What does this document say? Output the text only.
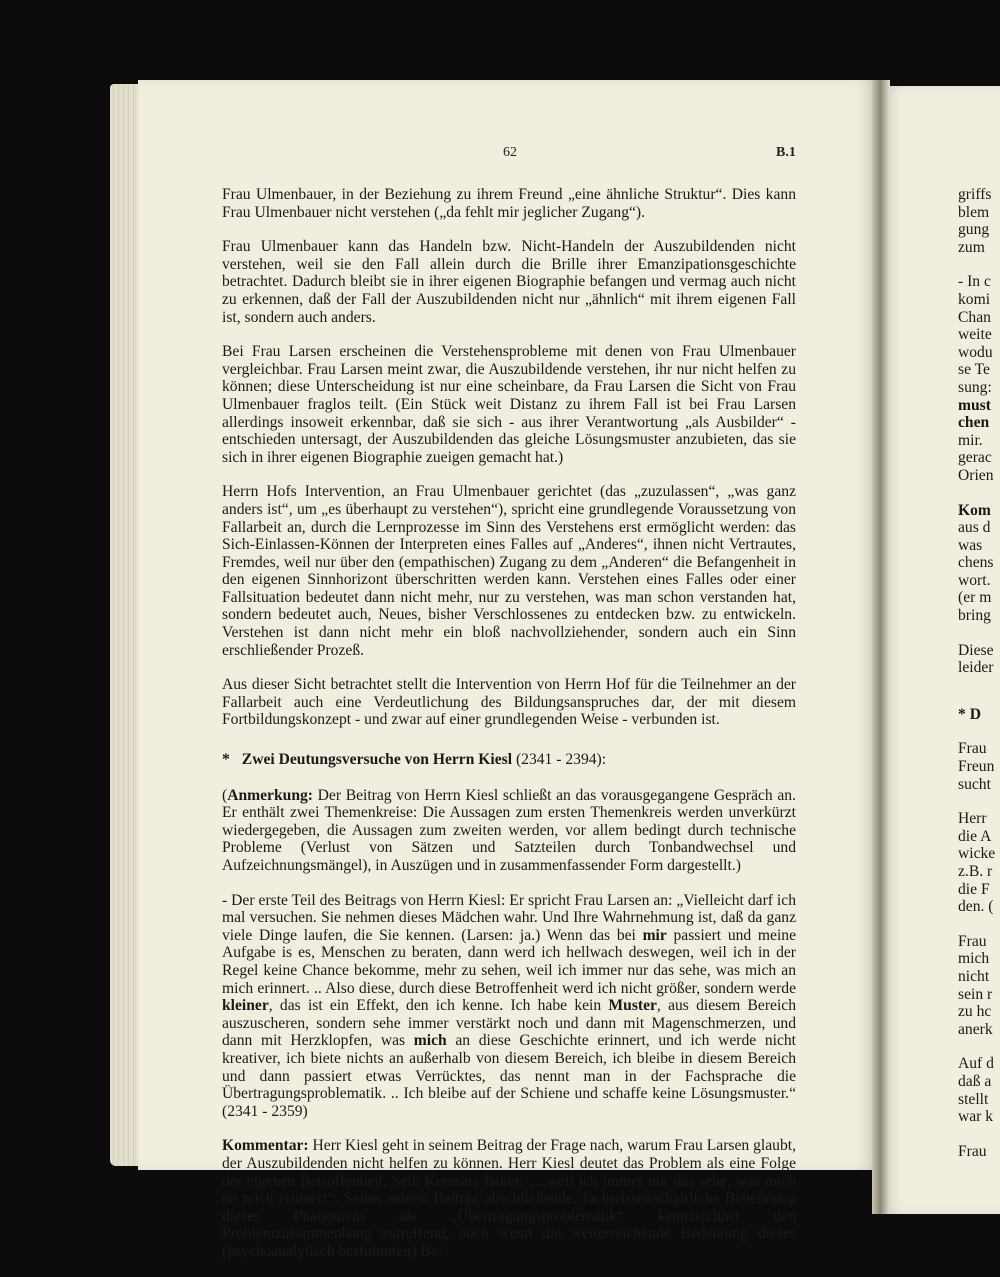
62	B.1

Frau Ulmenbauer, in der Beziehung zu ihrem Freund „eine ähnliche Struktur“. Dies kann Frau Ulmenbauer nicht verstehen („da fehlt mir jeglicher Zugang“).

Frau Ulmenbauer kann das Handeln bzw. Nicht-Handeln der Auszubildenden nicht verstehen, weil sie den Fall allein durch die Brille ihrer Emanzipationsgeschichte betrachtet. Dadurch bleibt sie in ihrer eigenen Biographie befangen und vermag auch nicht zu erkennen, daß der Fall der Auszubildenden nicht nur „ähnlich“ mit ihrem eigenen Fall ist, sondern auch anders.

Bei Frau Larsen erscheinen die Verstehensprobleme mit denen von Frau Ulmenbauer vergleichbar. Frau Larsen meint zwar, die Auszubildende verstehen, ihr nur nicht helfen zu können; diese Unterscheidung ist nur eine scheinbare, da Frau Larsen die Sicht von Frau Ulmenbauer fraglos teilt. (Ein Stück weit Distanz zu ihrem Fall ist bei Frau Larsen allerdings insoweit erkennbar, daß sie sich - aus ihrer Verantwortung „als Ausbilder“ - entschieden untersagt, der Auszubildenden das gleiche Lösungsmuster anzubieten, das sie sich in ihrer eigenen Biographie zueigen gemacht hat.)

Herrn Hofs Intervention, an Frau Ulmenbauer gerichtet (das „zuzulassen“, „was ganz anders ist“, um „es überhaupt zu verstehen“), spricht eine grundlegende Voraussetzung von Fallarbeit an, durch die Lernprozesse im Sinn des Verstehens erst ermöglicht werden: das Sich-Einlassen-Können der Interpreten eines Falles auf „Anderes“, ihnen nicht Vertrautes, Fremdes, weil nur über den (empathischen) Zugang zu dem „Anderen“ die Befangenheit in den eigenen Sinnhorizont überschritten werden kann. Verstehen eines Falles oder einer Fallsituation bedeutet dann nicht mehr, nur zu verstehen, was man schon verstanden hat, sondern bedeutet auch, Neues, bisher Verschlossenes zu entdecken bzw. zu entwickeln. Verstehen ist dann nicht mehr ein bloß nachvollziehender, sondern auch ein Sinn erschließender Prozeß.

Aus dieser Sicht betrachtet stellt die Intervention von Herrn Hof für die Teilnehmer an der Fallarbeit auch eine Verdeutlichung des Bildungsanspruches dar, der mit diesem Fortbildungskonzept - und zwar auf einer grundlegenden Weise - verbunden ist.

* Zwei Deutungsversuche von Herrn Kiesl (2341 - 2394):

(Anmerkung: Der Beitrag von Herrn Kiesl schließt an das vorausgegangene Gespräch an. Er enthält zwei Themenkreise: Die Aussagen zum ersten Themenkreis werden unverkürzt wiedergegeben, die Aussagen zum zweiten werden, vor allem bedingt durch technische Probleme (Verlust von Sätzen und Satzteilen durch Tonbandwechsel und Aufzeichnungsmängel), in Auszügen und in zusammenfassender Form dargestellt.)

- Der erste Teil des Beitrags von Herrn Kiesl: Er spricht Frau Larsen an: „Vielleicht darf ich mal versuchen. Sie nehmen dieses Mädchen wahr. Und Ihre Wahrnehmung ist, daß da ganz viele Dinge laufen, die Sie kennen. (Larsen: ja.) Wenn das bei mir passiert und meine Aufgabe is es, Menschen zu beraten, dann werd ich hellwach deswegen, weil ich in der Regel keine Chance bekomme, mehr zu sehen, weil ich immer nur das sehe, was mich an mich erinnert. .. Also diese, durch diese Betroffenheit werd ich nicht größer, sondern werde kleiner, das ist ein Effekt, den ich kenne. Ich habe kein Muster, aus diesem Bereich auszuscheren, sondern sehe immer verstärkt noch und dann mit Magenschmerzen, und dann mit Herzklopfen, was mich an diese Geschichte erinnert, und ich werde nicht kreativer, ich biete nichts an außerhalb von diesem Bereich, ich bleibe in diesem Bereich und dann passiert etwas Verrücktes, das nennt man in der Fachsprache die Übertragungsproblematik. .. Ich bleibe auf der Schiene und schaffe keine Lösungsmuster.“ (2341 - 2359)

Kommentar: Herr Kiesl geht in seinem Beitrag der Frage nach, warum Frau Larsen glaubt, der Auszubildenden nicht helfen zu können. Herr Kiesl deutet das Problem als eine Folge der eigenen Betroffenheit. Sein Kernsatz lautet: „...weil ich immer nur das sehe, was mich an mich erinnert“. Seine, seinen Beitrag abschließende, fachwissenschaftliche Benennung dieses Phänomens als „Übertragungsproblematik“ kennzeichnet den Problemzusammenhang zutreffend, auch wenn die weiterreichende Bedeutung dieses (psychoanalytisch bestimmten) Be-

griffs
blem
gung
zum
- In c
komi
Chan
weite
wodu
se Te
sung:
must
chen
mir.
gerac
Orien
Kom
aus d
was
chens
wort.
(er m
bring
Diese
leider
* D
Frau
Freun
sucht
Herr
die A
wicke
z.B. r
die F
den. (
Frau
mich
nicht
sein r
zu hc
anerk
Auf d
daß a
stellt
war k
Frau
